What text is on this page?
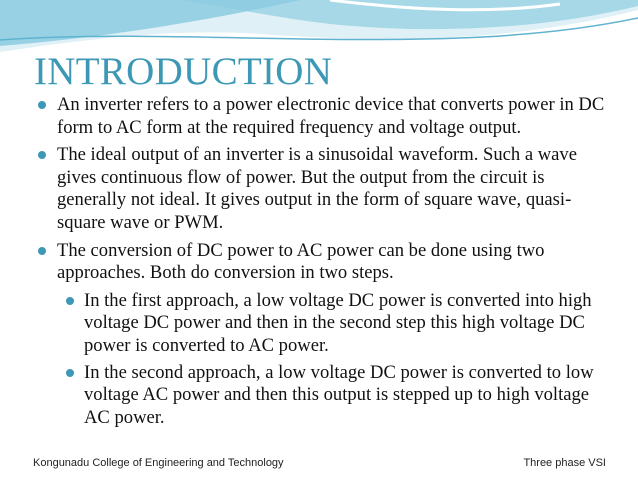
INTRODUCTION
An inverter refers to a power electronic device that converts power in DC form to AC form at the required frequency and voltage output.
The ideal output of an inverter is a sinusoidal waveform. Such a wave gives continuous flow of power. But the output from the circuit is generally not ideal. It gives output in the form of square wave, quasi-square wave or PWM.
The conversion of DC power to AC power can be done using two approaches. Both do conversion in two steps.
In the first approach, a low voltage DC power is converted into high voltage DC power and then in the second step this high voltage DC power is converted to AC power.
In the second approach, a low voltage DC power is converted to low voltage AC power and then this output is stepped up to high voltage AC power.
Kongunadu College of Engineering and Technology	Three phase VSI
